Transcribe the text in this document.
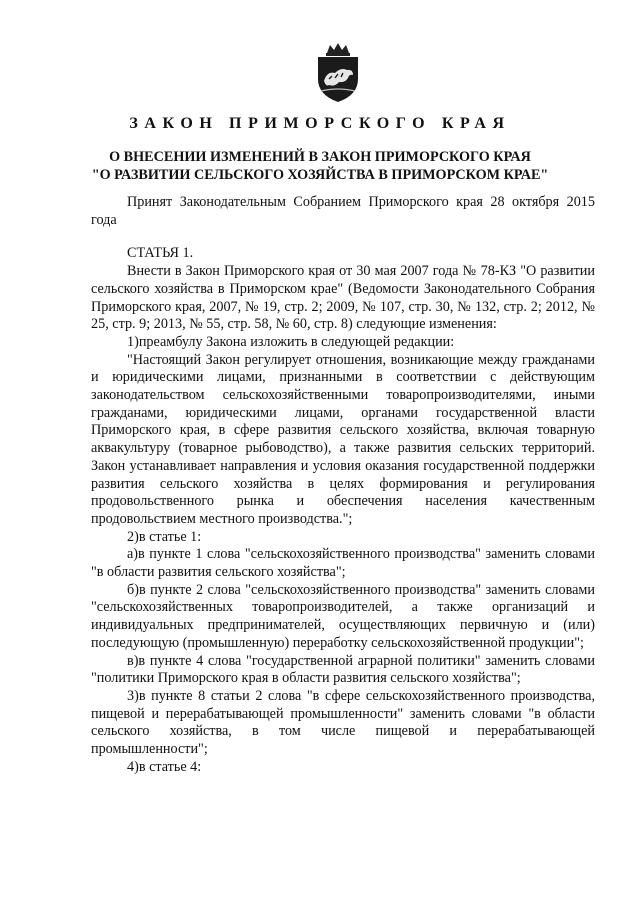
ЗАКОН ПРИМОРСКОГО КРАЯ
О ВНЕСЕНИИ ИЗМЕНЕНИЙ В ЗАКОН ПРИМОРСКОГО КРАЯ
"О РАЗВИТИИ СЕЛЬСКОГО ХОЗЯЙСТВА В ПРИМОРСКОМ КРАЕ"

Принят Законодательным Собранием Приморского края 28 октября 2015 года

СТАТЬЯ 1.

Внести в Закон Приморского края от 30 мая 2007 года № 78-КЗ "О развитии сельского хозяйства в Приморском крае" (Ведомости Законодательного Собрания Приморского края, 2007, № 19, стр. 2; 2009, № 107, стр. 30, № 132, стр. 2; 2012, № 25, стр. 9; 2013, № 55, стр. 58, № 60, стр. 8) следующие изменения:

1)преамбулу Закона изложить в следующей редакции:

"Настоящий Закон регулирует отношения, возникающие между гражданами и юридическими лицами, признанными в соответствии с действующим законодательством сельскохозяйственными товаропроизводителями, иными гражданами, юридическими лицами, органами государственной власти Приморского края, в сфере развития сельского хозяйства, включая товарную аквакультуру (товарное рыбоводство), а также развития сельских территорий. Закон устанавливает направления и условия оказания государственной поддержки развития сельского хозяйства в целях формирования и регулирования продовольственного рынка и обеспечения населения качественным продовольствием местного производства.";

2)в статье 1:

а)в пункте 1 слова "сельскохозяйственного производства" заменить словами "в области развития сельского хозяйства";

б)в пункте 2 слова "сельскохозяйственного производства" заменить словами "сельскохозяйственных товаропроизводителей, а также организаций и индивидуальных предпринимателей, осуществляющих первичную и (или) последующую (промышленную) переработку сельскохозяйственной продукции";

в)в пункте 4 слова "государственной аграрной политики" заменить словами "политики Приморского края в области развития сельского хозяйства";

3)в пункте 8 статьи 2 слова "в сфере сельскохозяйственного производства, пищевой и перерабатывающей промышленности" заменить словами "в области сельского хозяйства, в том числе пищевой и перерабатывающей промышленности";

4)в статье 4:
